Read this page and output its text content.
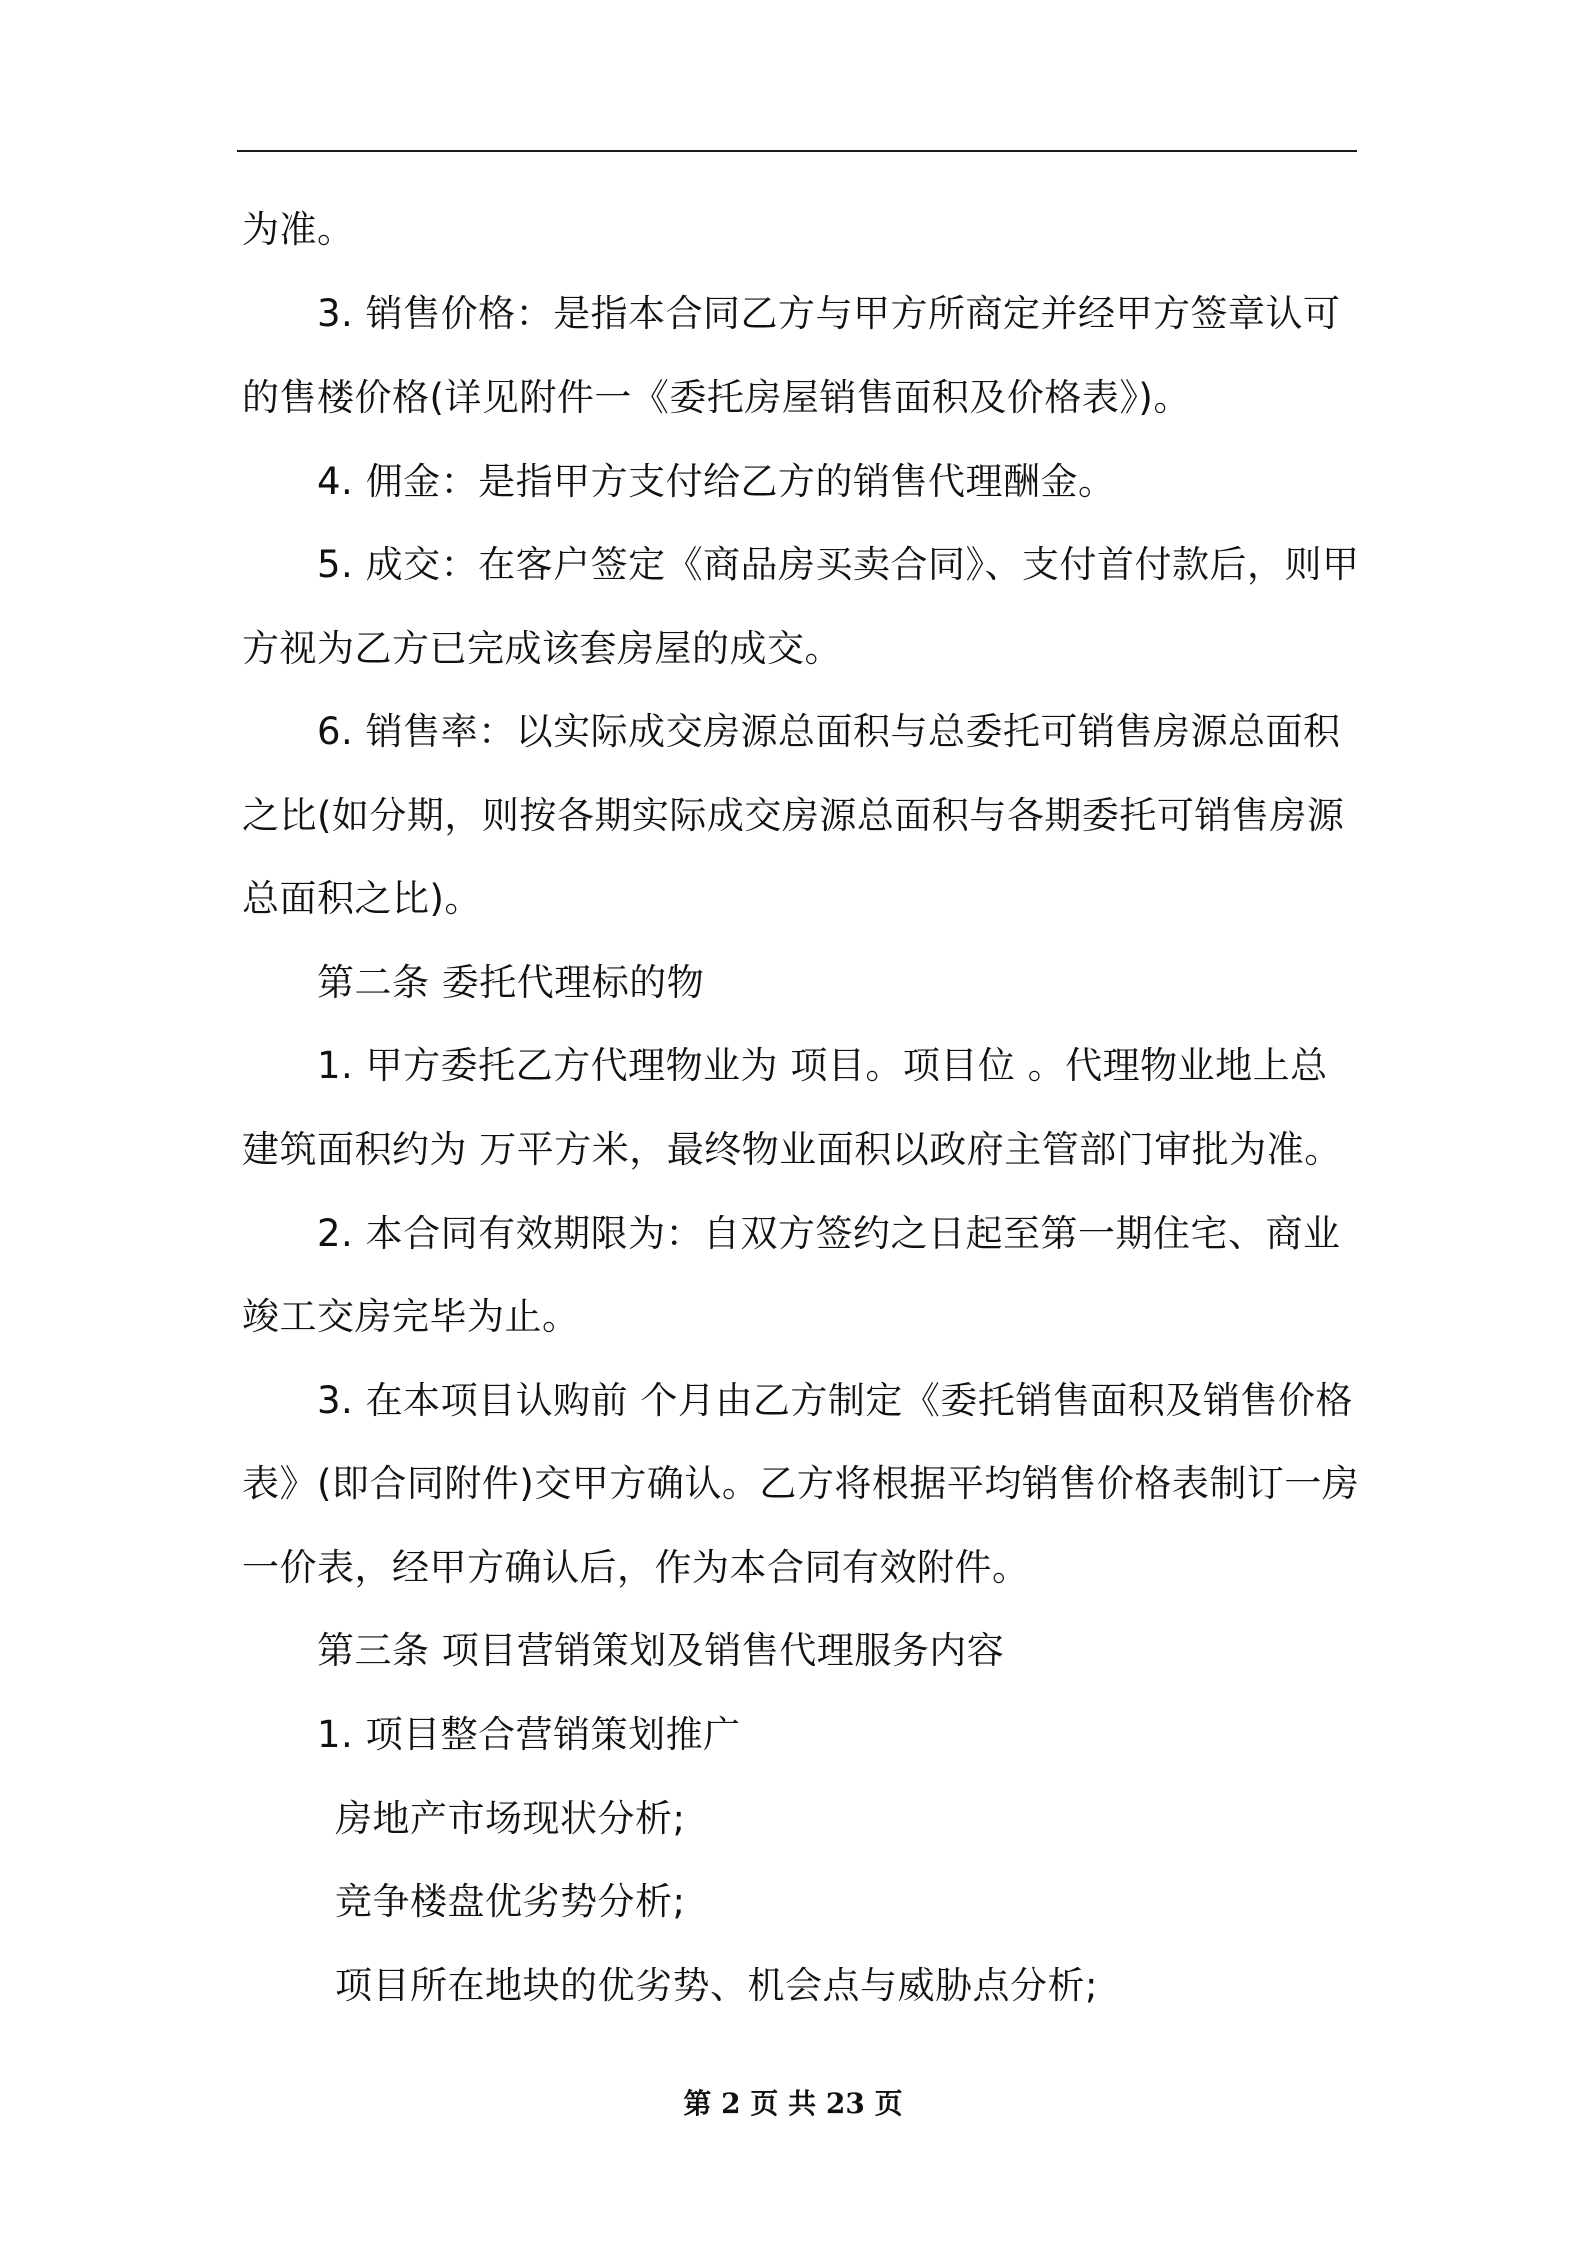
为准。
3. 销售价格：是指本合同乙方与甲方所商定并经甲方签章认可
的售楼价格(详见附件一《委托房屋销售面积及价格表》)。
4. 佣金：是指甲方支付给乙方的销售代理酬金。
5. 成交：在客户签定《商品房买卖合同》、支付首付款后，则甲
方视为乙方已完成该套房屋的成交。
6. 销售率：以实际成交房源总面积与总委托可销售房源总面积
之比(如分期，则按各期实际成交房源总面积与各期委托可销售房源
总面积之比)。
第二条 委托代理标的物
1. 甲方委托乙方代理物业为 项目。项目位 。代理物业地上总
建筑面积约为 万平方米，最终物业面积以政府主管部门审批为准。
2. 本合同有效期限为：自双方签约之日起至第一期住宅、商业
竣工交房完毕为止。
3. 在本项目认购前 个月由乙方制定《委托销售面积及销售价格
表》(即合同附件)交甲方确认。乙方将根据平均销售价格表制订一房
一价表，经甲方确认后，作为本合同有效附件。
第三条 项目营销策划及销售代理服务内容
1. 项目整合营销策划推广
房地产市场现状分析;
竞争楼盘优劣势分析;
项目所在地块的优劣势、机会点与威胁点分析;
第 2 页 共 23 页
